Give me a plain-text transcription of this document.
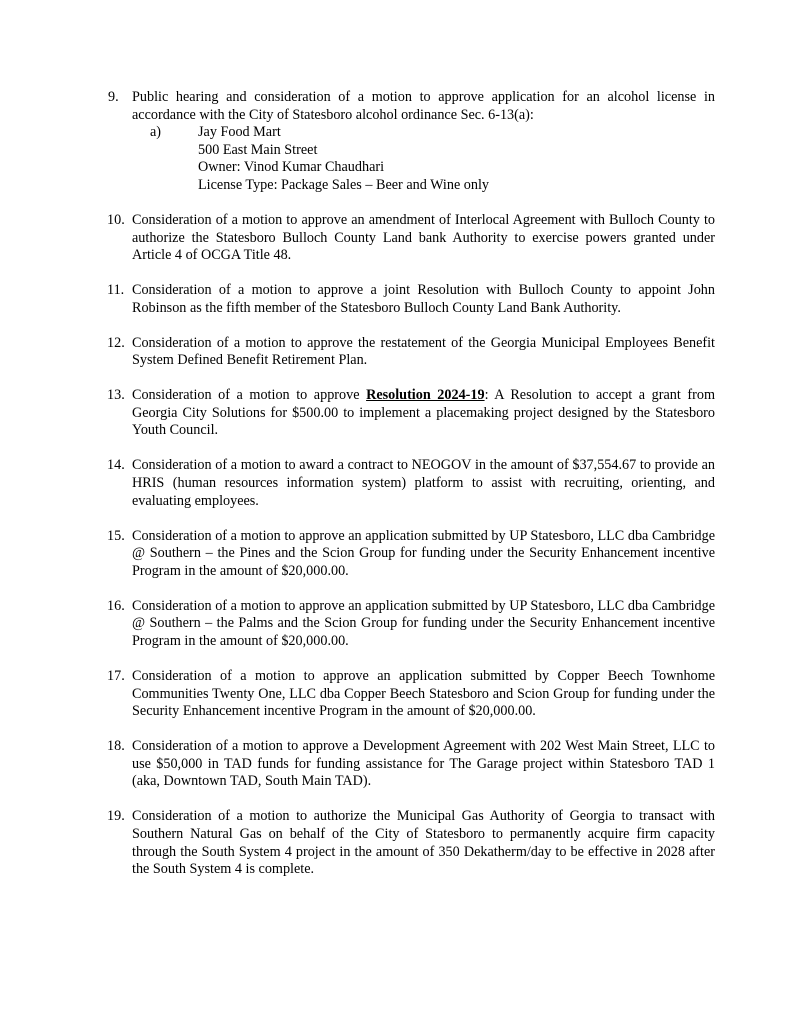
9. Public hearing and consideration of a motion to approve application for an alcohol license in accordance with the City of Statesboro alcohol ordinance Sec. 6-13(a):
a)	Jay Food Mart
500 East Main Street
Owner: Vinod Kumar Chaudhari
License Type: Package Sales – Beer and Wine only
10. Consideration of a motion to approve an amendment of Interlocal Agreement with Bulloch County to authorize the Statesboro Bulloch County Land bank Authority to exercise powers granted under Article 4 of OCGA Title 48.
11. Consideration of a motion to approve a joint Resolution with Bulloch County to appoint John Robinson as the fifth member of the Statesboro Bulloch County Land Bank Authority.
12. Consideration of a motion to approve the restatement of the Georgia Municipal Employees Benefit System Defined Benefit Retirement Plan.
13. Consideration of a motion to approve Resolution 2024-19: A Resolution to accept a grant from Georgia City Solutions for $500.00 to implement a placemaking project designed by the Statesboro Youth Council.
14. Consideration of a motion to award a contract to NEOGOV in the amount of $37,554.67 to provide an HRIS (human resources information system) platform to assist with recruiting, orienting, and evaluating employees.
15. Consideration of a motion to approve an application submitted by UP Statesboro, LLC dba Cambridge @ Southern – the Pines and the Scion Group for funding under the Security Enhancement incentive Program in the amount of $20,000.00.
16. Consideration of a motion to approve an application submitted by UP Statesboro, LLC dba Cambridge @ Southern – the Palms and the Scion Group for funding under the Security Enhancement incentive Program in the amount of $20,000.00.
17. Consideration of a motion to approve an application submitted by Copper Beech Townhome Communities Twenty One, LLC dba Copper Beech Statesboro and Scion Group for funding under the Security Enhancement incentive Program in the amount of $20,000.00.
18. Consideration of a motion to approve a Development Agreement with 202 West Main Street, LLC to use $50,000 in TAD funds for funding assistance for The Garage project within Statesboro TAD 1 (aka, Downtown TAD, South Main TAD).
19. Consideration of a motion to authorize the Municipal Gas Authority of Georgia to transact with Southern Natural Gas on behalf of the City of Statesboro to permanently acquire firm capacity through the South System 4 project in the amount of 350 Dekatherm/day to be effective in 2028 after the South System 4 is complete.
